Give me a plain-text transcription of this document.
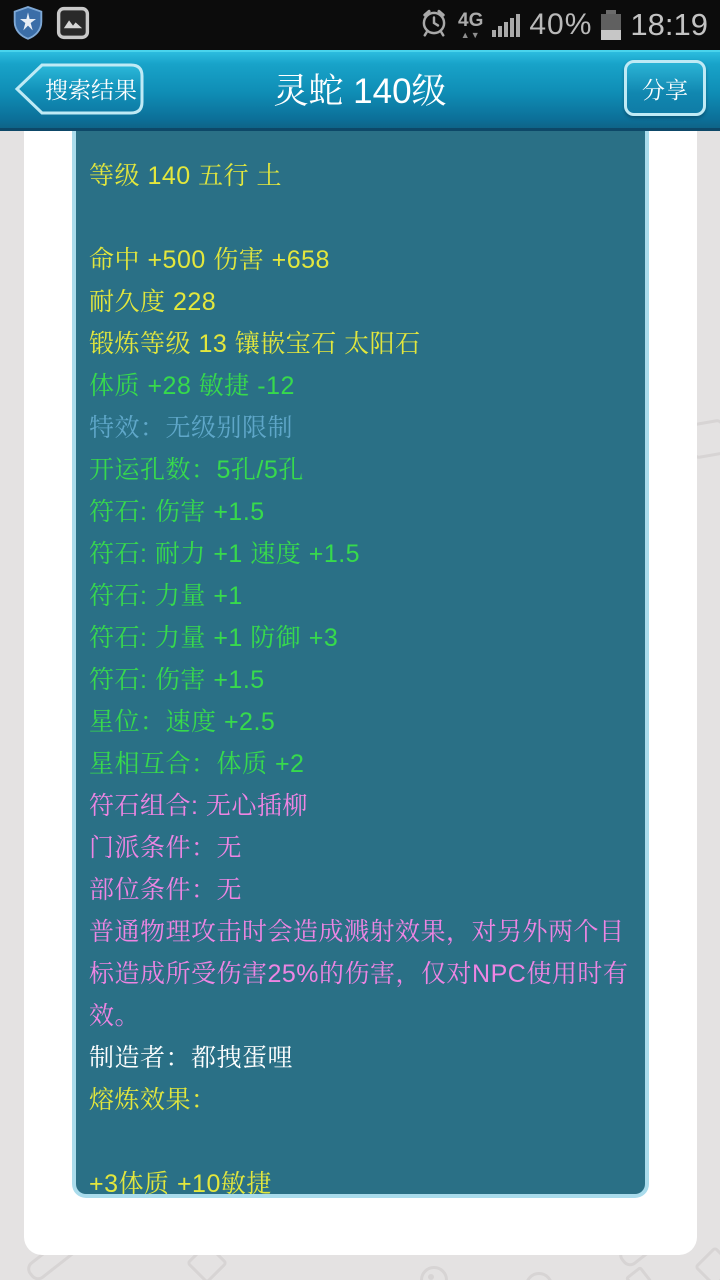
4G
▲▼ 40% 18:19
搜索结果	灵蛇 140级	分享
等级 140 五行 土

命中 +500 伤害 +658
耐久度 228
锻炼等级 13 镶嵌宝石 太阳石
体质 +28 敏捷 -12
特效：无级别限制
开运孔数：5孔/5孔
符石: 伤害 +1.5
符石: 耐力 +1 速度 +1.5
符石: 力量 +1
符石: 力量 +1 防御 +3
符石: 伤害 +1.5
星位：速度 +2.5
星相互合：体质 +2
符石组合: 无心插柳
门派条件：无
部位条件：无
普通物理攻击时会造成溅射效果，对另外两个目标造成所受伤害25%的伤害，仅对NPC使用时有效。
制造者：都拽蛋哩
熔炼效果：

+3体质 +10敏捷
